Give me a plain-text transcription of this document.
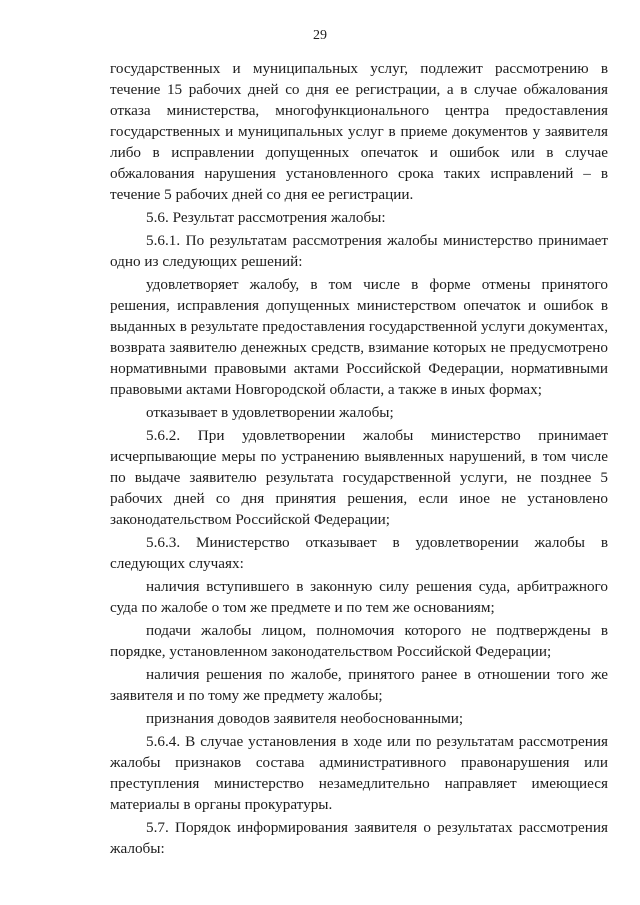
29

государственных и муниципальных услуг, подлежит рассмотрению в течение 15 рабочих дней со дня ее регистрации, а в случае обжалования отказа министерства, многофункционального центра предоставления государственных и муниципальных услуг в приеме документов у заявителя либо в исправлении допущенных опечаток и ошибок или в случае обжалования нарушения установленного срока таких исправлений – в течение 5 рабочих дней со дня ее регистрации.

5.6. Результат рассмотрения жалобы:

5.6.1. По результатам рассмотрения жалобы министерство принимает одно из следующих решений:

удовлетворяет жалобу, в том числе в форме отмены принятого решения, исправления допущенных министерством опечаток и ошибок в выданных в результате предоставления государственной услуги документах, возврата заявителю денежных средств, взимание которых не предусмотрено нормативными правовыми актами Российской Федерации, нормативными правовыми актами Новгородской области, а также в иных формах;

отказывает в удовлетворении жалобы;

5.6.2. При удовлетворении жалобы министерство принимает исчерпывающие меры по устранению выявленных нарушений, в том числе по выдаче заявителю результата государственной услуги, не позднее 5 рабочих дней со дня принятия решения, если иное не установлено законодательством Российской Федерации;

5.6.3. Министерство отказывает в удовлетворении жалобы в следующих случаях:

наличия вступившего в законную силу решения суда, арбитражного суда по жалобе о том же предмете и по тем же основаниям;

подачи жалобы лицом, полномочия которого не подтверждены в порядке, установленном законодательством Российской Федерации;

наличия решения по жалобе, принятого ранее в отношении того же заявителя и по тому же предмету жалобы;

признания доводов заявителя необоснованными;

5.6.4. В случае установления в ходе или по результатам рассмотрения жалобы признаков состава административного правонарушения или преступления министерство незамедлительно направляет имеющиеся материалы в органы прокуратуры.

5.7. Порядок информирования заявителя о результатах рассмотрения жалобы:
